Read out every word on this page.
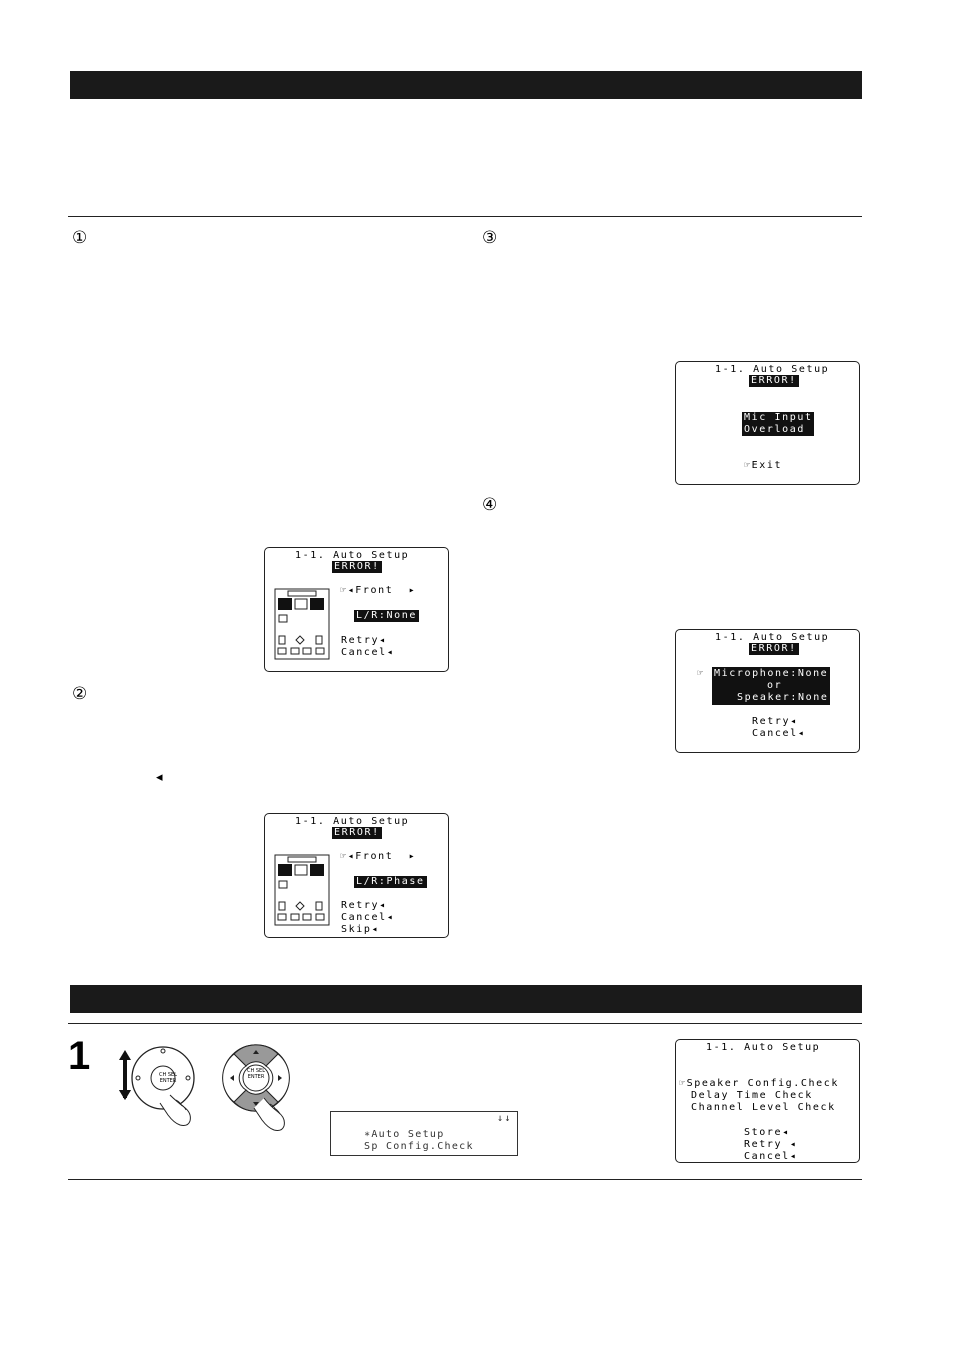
①
②
③
④
◂
1-1. Auto Setup
ERROR!
☞◂Front  ▸
L/R:None
Retry◂
Cancel◂
1-1. Auto Setup
ERROR!
☞◂Front  ▸
L/R:Phase
Retry◂
Cancel◂
Skip◂
1-1. Auto Setup
ERROR!
Mic Input
Overload
☞Exit
1-1. Auto Setup
ERROR!
☞ Microphone:None
or
Speaker:None
Retry◂
Cancel◂
1	CH SEL
ENTER
CH SEL
ENTER
↓↓
∗Auto Setup
Sp Config.Check
1-1. Auto Setup
☞Speaker Config.Check
Delay Time Check
Channel Level Check
Store◂
Retry ◂
Cancel◂
